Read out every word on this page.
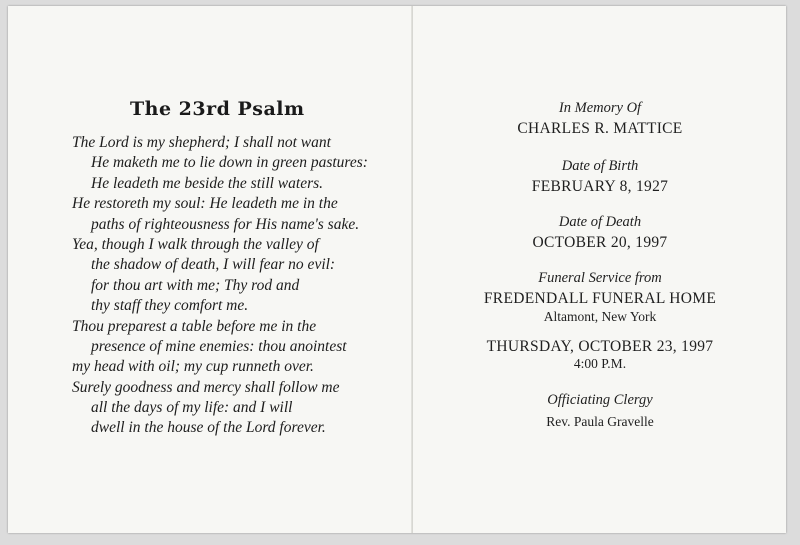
The 23rd Psalm
The Lord is my shepherd; I shall not want
He maketh me to lie down in green pastures:
He leadeth me beside the still waters.
He restoreth my soul: He leadeth me in the
paths of righteousness for His name's sake.
Yea, though I walk through the valley of
the shadow of death, I will fear no evil:
for thou art with me; Thy rod and
thy staff they comfort me.
Thou preparest a table before me in the
presence of mine enemies: thou anointest
my head with oil; my cup runneth over.
Surely goodness and mercy shall follow me
all the days of my life: and I will
dwell in the house of the Lord forever.
In Memory Of
CHARLES R. MATTICE
Date of Birth
FEBRUARY 8, 1927
Date of Death
OCTOBER 20, 1997
Funeral Service from
FREDENDALL FUNERAL HOME
Altamont, New York
THURSDAY, OCTOBER 23, 1997
4:00 P.M.
Officiating Clergy
Rev. Paula Gravelle
